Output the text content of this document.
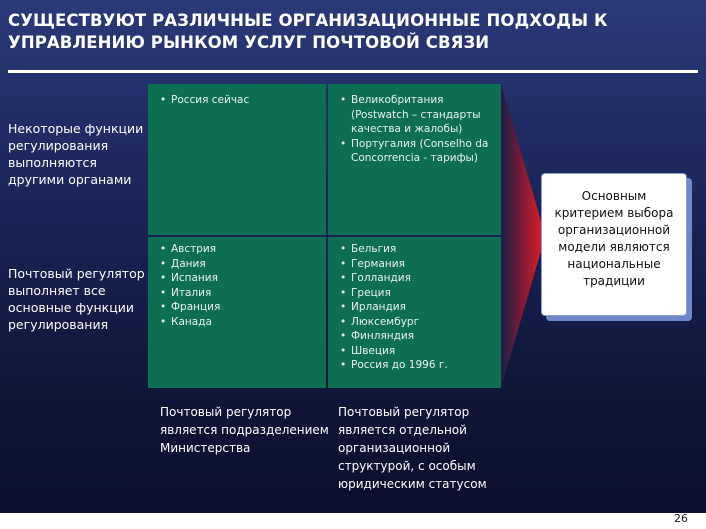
СУЩЕСТВУЮТ РАЗЛИЧНЫЕ ОРГАНИЗАЦИОННЫЕ ПОДХОДЫ К УПРАВЛЕНИЮ РЫНКОМ УСЛУГ ПОЧТОВОЙ СВЯЗИ
Некоторые функции регулирования выполняются другими органами
Почтовый регулятор выполняет все основные функции регулирования
• Россия сейчас
•	Великобритания (Postwatch – стандарты качества и жалобы)
• Португалия (Conselho da Concorrencia - тарифы)
• Австрия
• Дания
• Испания
• Италия
• Франция
• Канада
• Бельгия
• Германия
• Голландия
• Греция
• Ирландия
• Люксембург
• Финляндия
• Швеция
• Россия до 1996 г.
Почтовый регулятор является подразделением Министерства
Почтовый регулятор является отдельной организационной структурой, с особым юридическим статусом
Основным критерием выбора организационной модели являются национальные традиции
26
